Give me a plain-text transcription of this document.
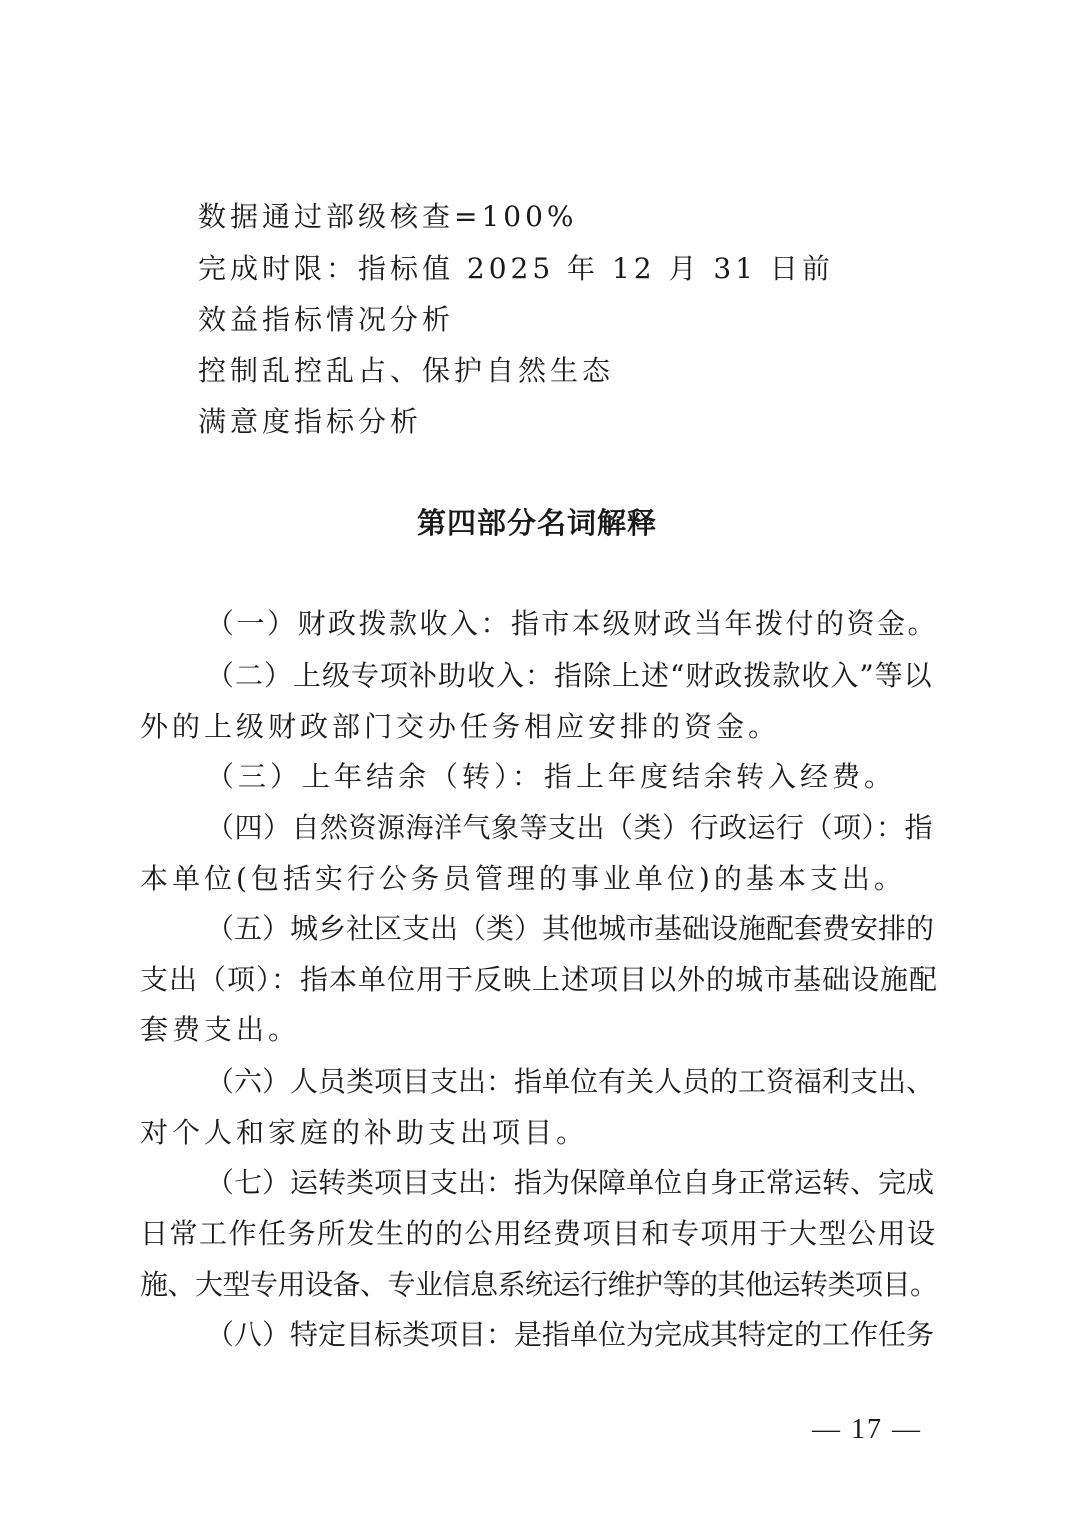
数据通过部级核查=100%
完成时限：指标值 2025 年 12 月 31 日前
效益指标情况分析
控制乱控乱占、保护自然生态
满意度指标分析
第四部分名词解释
（一）财政拨款收入：指市本级财政当年拨付的资金。
（二）上级专项补助收入：指除上述“财政拨款收入”等以
外的上级财政部门交办任务相应安排的资金。
（三）上年结余（转）：指上年度结余转入经费。
（四）自然资源海洋气象等支出（类）行政运行（项）：指
本单位(包括实行公务员管理的事业单位)的基本支出。
（五）城乡社区支出（类）其他城市基础设施配套费安排的
支出（项）：指本单位用于反映上述项目以外的城市基础设施配
套费支出。
（六）人员类项目支出：指单位有关人员的工资福利支出、
对个人和家庭的补助支出项目。
（七）运转类项目支出：指为保障单位自身正常运转、完成
日常工作任务所发生的的公用经费项目和专项用于大型公用设
施、大型专用设备、专业信息系统运行维护等的其他运转类项目。
（八）特定目标类项目：是指单位为完成其特定的工作任务
— 17 —
